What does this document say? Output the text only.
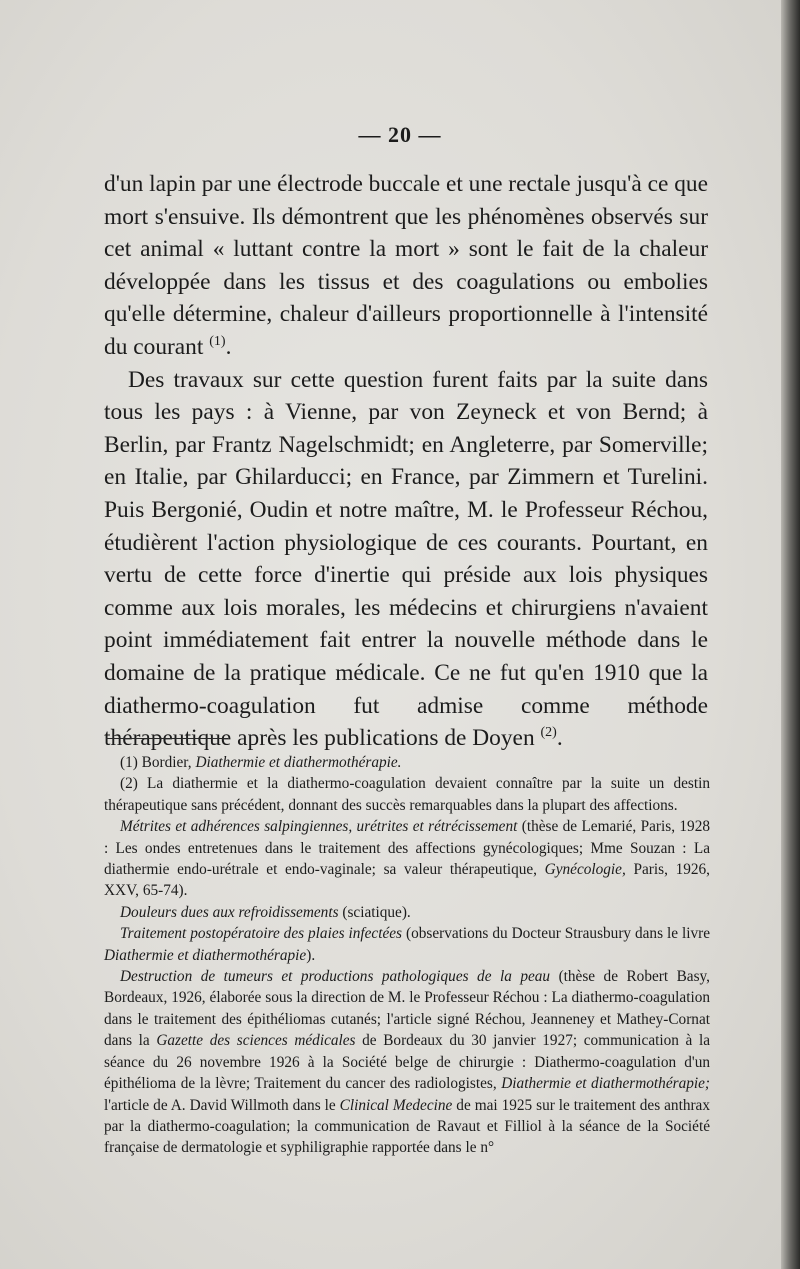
— 20 —

d'un lapin par une électrode buccale et une rectale jusqu'à ce que mort s'ensuive. Ils démontrent que les phénomènes observés sur cet animal « luttant contre la mort » sont le fait de la chaleur développée dans les tissus et des coagulations ou embolies qu'elle détermine, chaleur d'ailleurs proportionnelle à l'intensité du courant $^{(1)}$.

Des travaux sur cette question furent faits par la suite dans tous les pays : à Vienne, par von Zeyneck et von Bernd; à Berlin, par Frantz Nagelschmidt; en Angleterre, par Somerville; en Italie, par Ghilarducci; en France, par Zimmern et Turelini. Puis Bergonié, Oudin et notre maître, M. le Professeur Réchou, étudièrent l'action physiologique de ces courants. Pourtant, en vertu de cette force d'inertie qui préside aux lois physiques comme aux lois morales, les médecins et chirurgiens n'avaient point immédiatement fait entrer la nouvelle méthode dans le domaine de la pratique médicale. Ce ne fut qu'en 1910 que la diathermo-coagulation fut admise comme méthode thérapeutique après les publications de Doyen $^{(2)}$.

(1) Bordier, Diathermie et diathermothérapie.

(2) La diathermie et la diathermo-coagulation devaient connaître par la suite un destin thérapeutique sans précédent, donnant des succès remarquables dans la plupart des affections.

Métrites et adhérences salpingiennes, urétrites et rétrécissement (thèse de Lemarié, Paris, 1928 : Les ondes entretenues dans le traitement des affections gynécologiques; Mme Souzan : La diathermie endo-urétrale et endo-vaginale; sa valeur thérapeutique, Gynécologie, Paris, 1926, XXV, 65-74).

Douleurs dues aux refroidissements (sciatique).

Traitement postopératoire des plaies infectées (observations du Docteur Strausbury dans le livre Diathermie et diathermothérapie).

Destruction de tumeurs et productions pathologiques de la peau (thèse de Robert Basy, Bordeaux, 1926, élaborée sous la direction de M. le Professeur Réchou : La diathermo-coagulation dans le traitement des épithéliomas cutanés; l'article signé Réchou, Jeanneney et Mathey-Cornat dans la Gazette des sciences médicales de Bordeaux du 30 janvier 1927; communication à la séance du 26 novembre 1926 à la Société belge de chirurgie : Diathermo-coagulation d'un épithélioma de la lèvre; Traitement du cancer des radiologistes, Diathermie et diathermothérapie; l'article de A. David Willmoth dans le Clinical Medecine de mai 1925 sur le traitement des anthrax par la diathermo-coagulation; la communication de Ravaut et Filliol à la séance de la Société française de dermatologie et syphiligraphie rapportée dans le n°
